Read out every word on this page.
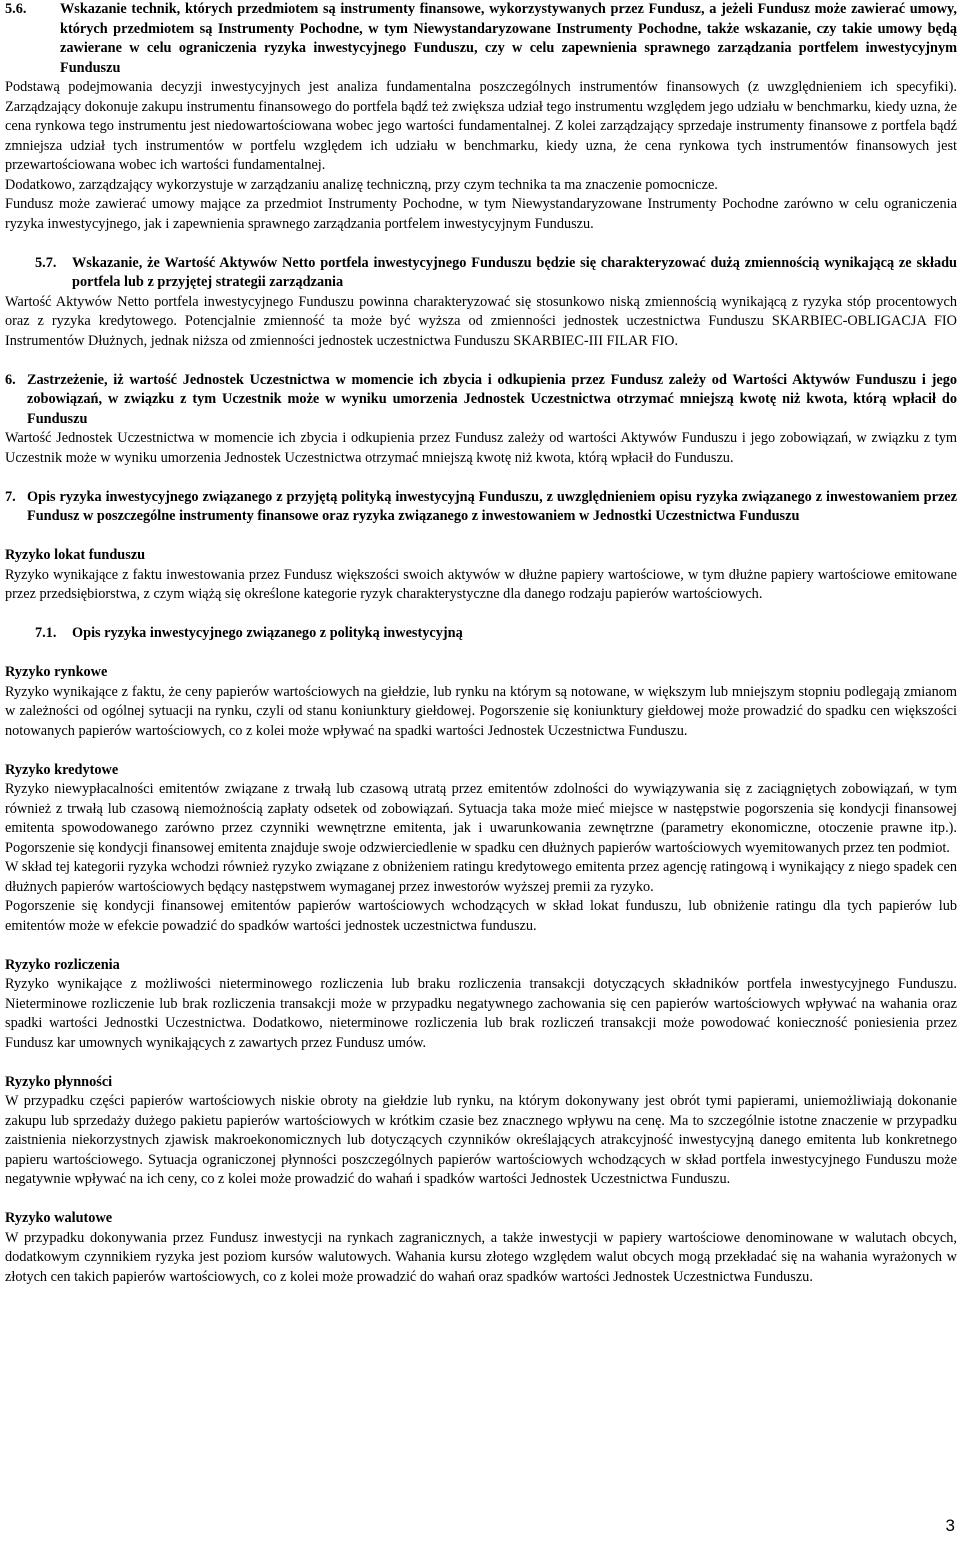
5.6.	Wskazanie technik, których przedmiotem są instrumenty finansowe, wykorzystywanych przez Fundusz, a jeżeli Fundusz może zawierać umowy, których przedmiotem są Instrumenty Pochodne, w tym Niewystandaryzowane Instrumenty Pochodne, także wskazanie, czy takie umowy będą zawierane w celu ograniczenia ryzyka inwestycyjnego Funduszu, czy w celu zapewnienia sprawnego zarządzania portfelem inwestycyjnym Funduszu

Podstawą podejmowania decyzji inwestycyjnych jest analiza fundamentalna poszczególnych instrumentów finansowych (z uwzględnieniem ich specyfiki). Zarządzający dokonuje zakupu instrumentu finansowego do portfela bądź też zwiększa udział tego instrumentu względem jego udziału w benchmarku, kiedy uzna, że cena rynkowa tego instrumentu jest niedowartościowana wobec jego wartości fundamentalnej. Z kolei zarządzający sprzedaje instrumenty finansowe z portfela bądź zmniejsza udział tych instrumentów w portfelu względem ich udziału w benchmarku, kiedy uzna, że cena rynkowa tych instrumentów finansowych jest przewartościowana wobec ich wartości fundamentalnej.

Dodatkowo, zarządzający wykorzystuje w zarządzaniu analizę techniczną, przy czym technika ta ma znaczenie pomocnicze.

Fundusz może zawierać umowy mające za przedmiot Instrumenty Pochodne, w tym Niewystandaryzowane Instrumenty Pochodne zarówno w celu ograniczenia ryzyka inwestycyjnego, jak i zapewnienia sprawnego zarządzania portfelem inwestycyjnym Funduszu.

5.7.	Wskazanie, że Wartość Aktywów Netto portfela inwestycyjnego Funduszu będzie się charakteryzować dużą zmiennością wynikającą ze składu portfela lub z przyjętej strategii zarządzania

Wartość Aktywów Netto portfela inwestycyjnego Funduszu powinna charakteryzować się stosunkowo niską zmiennością wynikającą z ryzyka stóp procentowych oraz z ryzyka kredytowego. Potencjalnie zmienność ta może być wyższa od zmienności jednostek uczestnictwa Funduszu SKARBIEC-OBLIGACJA FIO Instrumentów Dłużnych, jednak niższa od zmienności jednostek uczestnictwa Funduszu SKARBIEC-III FILAR FIO.

6. Zastrzeżenie, iż wartość Jednostek Uczestnictwa w momencie ich zbycia i odkupienia przez Fundusz zależy od Wartości Aktywów Funduszu i jego zobowiązań, w związku z tym Uczestnik może w wyniku umorzenia Jednostek Uczestnictwa otrzymać mniejszą kwotę niż kwota, którą wpłacił do Funduszu

Wartość Jednostek Uczestnictwa w momencie ich zbycia i odkupienia przez Fundusz zależy od wartości Aktywów Funduszu i jego zobowiązań, w związku z tym Uczestnik może w wyniku umorzenia Jednostek Uczestnictwa otrzymać mniejszą kwotę niż kwota, którą wpłacił do Funduszu.

7. Opis ryzyka inwestycyjnego związanego z przyjętą polityką inwestycyjną Funduszu, z uwzględnieniem opisu ryzyka związanego z inwestowaniem przez Fundusz w poszczególne instrumenty finansowe oraz ryzyka związanego z inwestowaniem w Jednostki Uczestnictwa Funduszu
Ryzyko lokat funduszu

Ryzyko wynikające z faktu inwestowania przez Fundusz większości swoich aktywów w dłużne papiery wartościowe, w tym dłużne papiery wartościowe emitowane przez przedsiębiorstwa, z czym wiążą się określone kategorie ryzyk charakterystyczne dla danego rodzaju papierów wartościowych.

7.1.	Opis ryzyka inwestycyjnego związanego z polityką inwestycyjną
Ryzyko rynkowe

Ryzyko wynikające z faktu, że ceny papierów wartościowych na giełdzie, lub rynku na którym są notowane, w większym lub mniejszym stopniu podlegają zmianom w zależności od ogólnej sytuacji na rynku, czyli od stanu koniunktury giełdowej. Pogorszenie się koniunktury giełdowej może prowadzić do spadku cen większości notowanych papierów wartościowych, co z kolei może wpływać na spadki wartości Jednostek Uczestnictwa Funduszu.

Ryzyko kredytowe

Ryzyko niewypłacalności emitentów związane z trwałą lub czasową utratą przez emitentów zdolności do wywiązywania się z zaciągniętych zobowiązań, w tym również z trwałą lub czasową niemożnością zapłaty odsetek od zobowiązań. Sytuacja taka może mieć miejsce w następstwie pogorszenia się kondycji finansowej emitenta spowodowanego zarówno przez czynniki wewnętrzne emitenta, jak i uwarunkowania zewnętrzne (parametry ekonomiczne, otoczenie prawne itp.). Pogorszenie się kondycji finansowej emitenta znajduje swoje odzwierciedlenie w spadku cen dłużnych papierów wartościowych wyemitowanych przez ten podmiot.

W skład tej kategorii ryzyka wchodzi również ryzyko związane z obniżeniem ratingu kredytowego emitenta przez agencję ratingową i wynikający z niego spadek cen dłużnych papierów wartościowych będący następstwem wymaganej przez inwestorów wyższej premii za ryzyko.

Pogorszenie się kondycji finansowej emitentów papierów wartościowych wchodzących w skład lokat funduszu, lub obniżenie ratingu dla tych papierów lub emitentów może w efekcie powadzić do spadków wartości jednostek uczestnictwa funduszu.

Ryzyko rozliczenia

Ryzyko wynikające z możliwości nieterminowego rozliczenia lub braku rozliczenia transakcji dotyczących składników portfela inwestycyjnego Funduszu. Nieterminowe rozliczenie lub brak rozliczenia transakcji może w przypadku negatywnego zachowania się cen papierów wartościowych wpływać na wahania oraz spadki wartości Jednostki Uczestnictwa. Dodatkowo, nieterminowe rozliczenia lub brak rozliczeń transakcji może powodować konieczność poniesienia przez Fundusz kar umownych wynikających z zawartych przez Fundusz umów.

Ryzyko płynności

W przypadku części papierów wartościowych niskie obroty na giełdzie lub rynku, na którym dokonywany jest obrót tymi papierami, uniemożliwiają dokonanie zakupu lub sprzedaży dużego pakietu papierów wartościowych w krótkim czasie bez znacznego wpływu na cenę. Ma to szczególnie istotne znaczenie w przypadku zaistnienia niekorzystnych zjawisk makroekonomicznych lub dotyczących czynników określających atrakcyjność inwestycyjną danego emitenta lub konkretnego papieru wartościowego. Sytuacja ograniczonej płynności poszczególnych papierów wartościowych wchodzących w skład portfela inwestycyjnego Funduszu może negatywnie wpływać na ich ceny, co z kolei może prowadzić do wahań i spadków wartości Jednostek Uczestnictwa Funduszu.

Ryzyko walutowe

W przypadku dokonywania przez Fundusz inwestycji na rynkach zagranicznych, a także inwestycji w papiery wartościowe denominowane w walutach obcych, dodatkowym czynnikiem ryzyka jest poziom kursów walutowych. Wahania kursu złotego względem walut obcych mogą przekładać się na wahania wyrażonych w złotych cen takich papierów wartościowych, co z kolei może prowadzić do wahań oraz spadków wartości Jednostek Uczestnictwa Funduszu.

3
